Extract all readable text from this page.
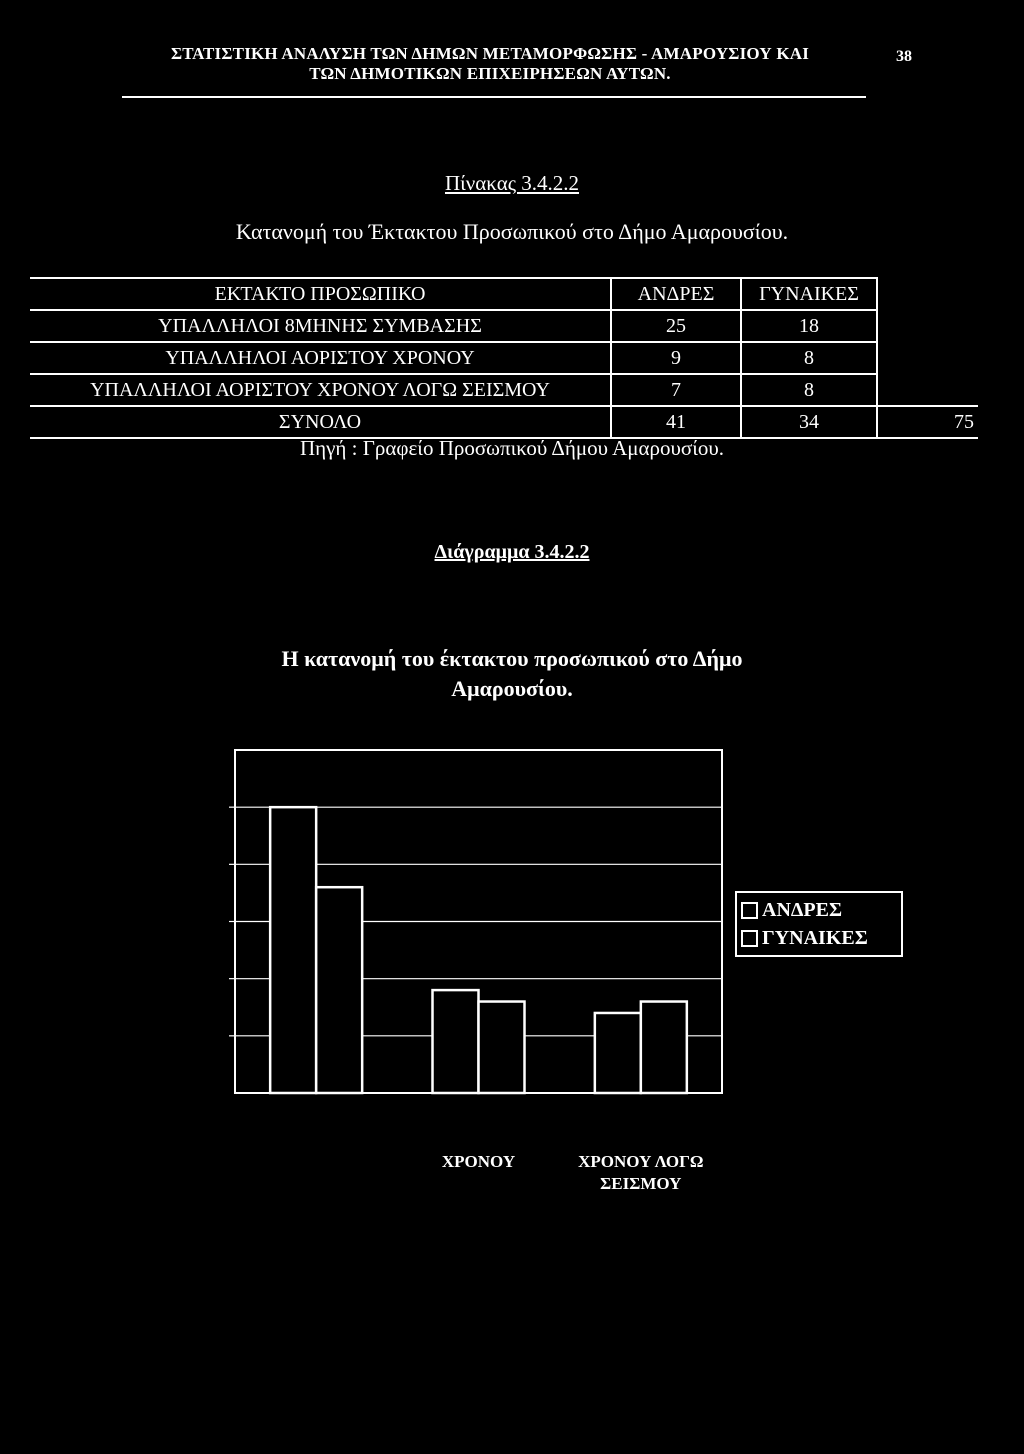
ΣΤΑΤΙΣΤΙΚΗ ΑΝΑΛΥΣΗ ΤΩΝ ΔΗΜΩΝ ΜΕΤΑΜΟΡΦΩΣΗΣ - ΑΜΑΡΟΥΣΙΟΥ ΚΑΙ
ΤΩΝ ΔΗΜΟΤΙΚΩΝ ΕΠΙΧΕΙΡΗΣΕΩΝ ΑΥΤΩΝ.
38
Πίνακας 3.4.2.2
Κατανομή του Έκτακτου Προσωπικού στο Δήμο Αμαρουσίου.
ΕΚΤΑΚΤΟ ΠΡΟΣΩΠΙΚΟ	ΑΝΔΡΕΣ	ΓΥΝΑΙΚΕΣ	
ΥΠΑΛΛΗΛΟΙ 8ΜΗΝΗΣ ΣΥΜΒΑΣΗΣ	25	18	
ΥΠΑΛΛΗΛΟΙ ΑΟΡΙΣΤΟΥ ΧΡΟΝΟΥ	9	8	
ΥΠΑΛΛΗΛΟΙ ΑΟΡΙΣΤΟΥ ΧΡΟΝΟΥ ΛΟΓΩ ΣΕΙΣΜΟΥ	7	8	
ΣΥΝΟΛΟ	41	34	75
Πηγή : Γραφείο Προσωπικού Δήμου Αμαρουσίου.
Διάγραμμα 3.4.2.2
Η κατανομή του έκτακτου προσωπικού στο Δήμο
Αμαρουσίου.
ΑΝΔΡΕΣ
ΓΥΝΑΙΚΕΣ
ΧΡΟΝΟΥ	ΧΡΟΝΟΥ ΛΟΓΩ
ΣΕΙΣΜΟΥ
